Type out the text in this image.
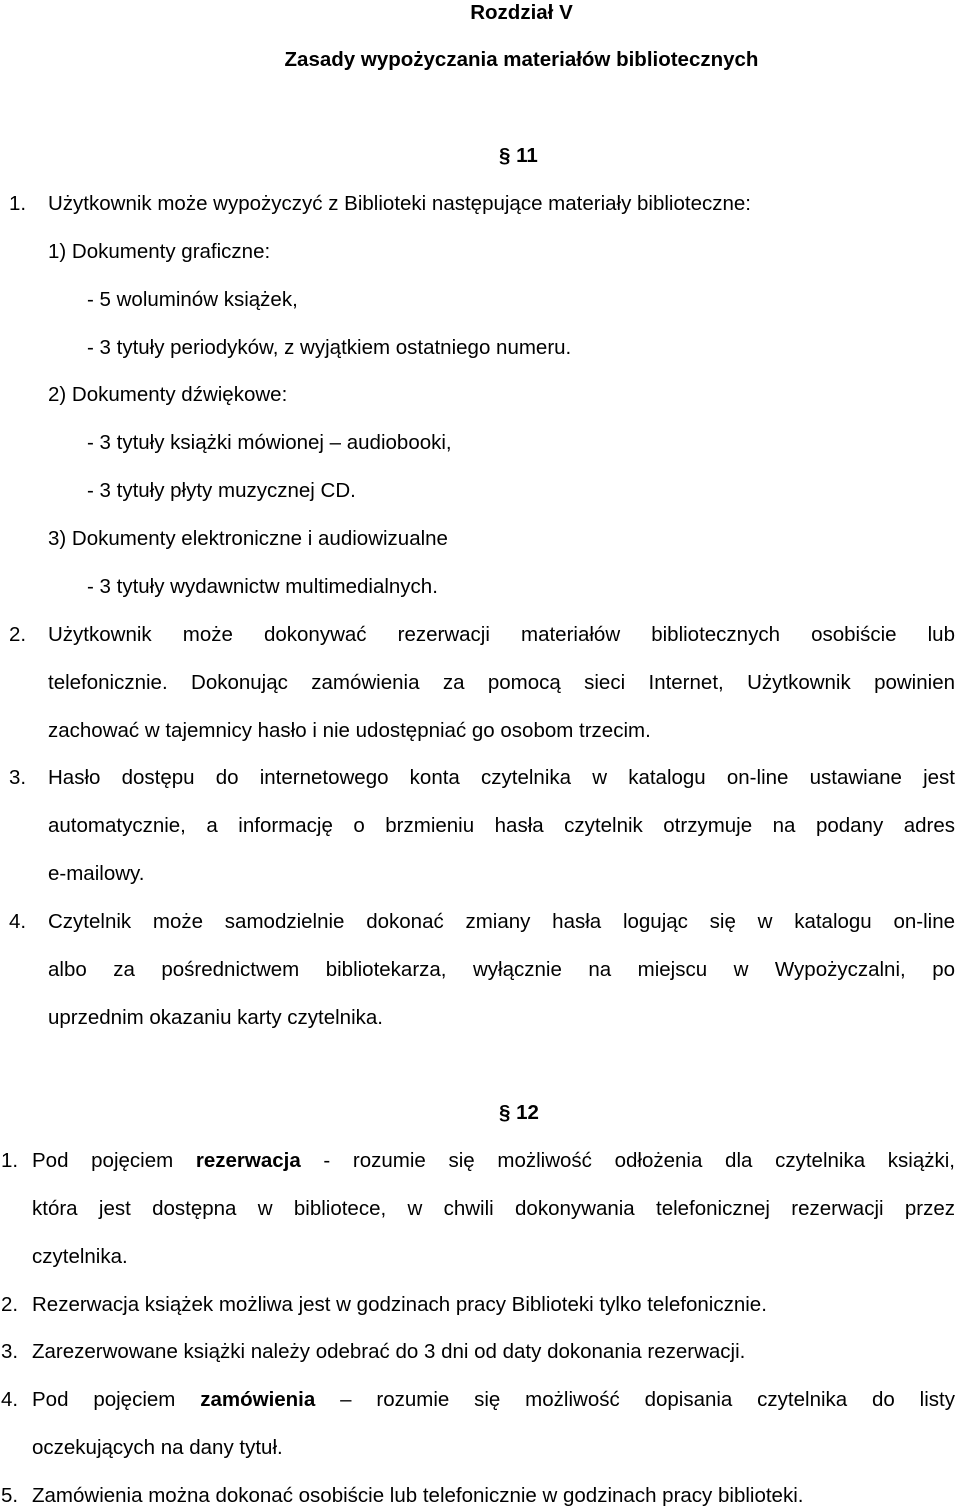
Rozdział V
Zasady wypożyczania materiałów bibliotecznych
§ 11
1. Użytkownik może wypożyczyć z Biblioteki następujące materiały biblioteczne:
1) Dokumenty graficzne:
- 5 woluminów książek,
- 3 tytuły periodyków, z wyjątkiem ostatniego numeru.
2) Dokumenty dźwiękowe:
- 3 tytuły książki mówionej – audiobooki,
- 3 tytuły płyty muzycznej CD.
3) Dokumenty elektroniczne i audiowizualne
- 3 tytuły wydawnictw multimedialnych.
2. Użytkownik może dokonywać rezerwacji materiałów bibliotecznych osobiście lub
telefonicznie. Dokonując zamówienia za pomocą sieci Internet, Użytkownik powinien
zachować w tajemnicy hasło i nie udostępniać go osobom trzecim.
3. Hasło dostępu do internetowego konta czytelnika w katalogu on-line ustawiane jest
automatycznie, a informację o brzmieniu hasła czytelnik otrzymuje na podany adres
e-mailowy.
4. Czytelnik może samodzielnie dokonać zmiany hasła logując się w katalogu on-line
albo za pośrednictwem bibliotekarza, wyłącznie na miejscu w Wypożyczalni, po
uprzednim okazaniu karty czytelnika.
§ 12
1. Pod pojęciem rezerwacja - rozumie się możliwość odłożenia dla czytelnika książki,
która jest dostępna w bibliotece, w chwili dokonywania telefonicznej rezerwacji przez
czytelnika.
2. Rezerwacja książek możliwa jest w godzinach pracy Biblioteki tylko telefonicznie.
3. Zarezerwowane książki należy odebrać do 3 dni od daty dokonania rezerwacji.
4. Pod pojęciem zamówienia – rozumie się możliwość dopisania czytelnika do listy
oczekujących na dany tytuł.
5. Zamówienia można dokonać osobiście lub telefonicznie w godzinach pracy biblioteki.
